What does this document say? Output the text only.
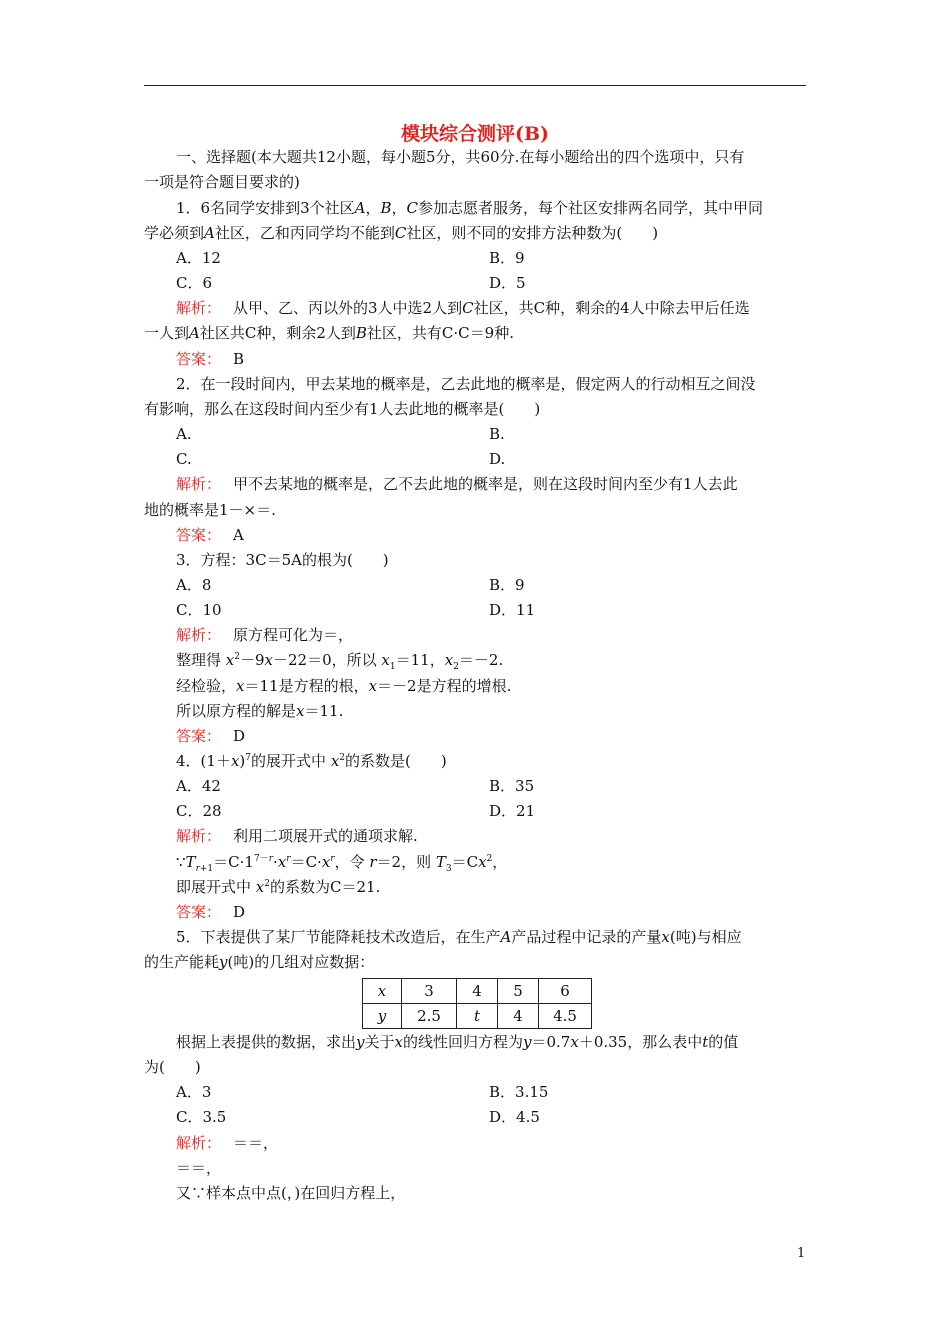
模块综合测评(B)
一、选择题(本大题共12小题，每小题5分，共60分.在每小题给出的四个选项中，只有
一项是符合题目要求的)
1．6名同学安排到3个社区A，B，C参加志愿者服务，每个社区安排两名同学，其中甲同
学必须到A社区，乙和丙同学均不能到C社区，则不同的安排方法种数为(　　)
A．12	B．9
C．6	D．5
解析： 从甲、乙、丙以外的3人中选2人到C社区，共C种，剩余的4人中除去甲后任选
一人到A社区共C种，剩余2人到B社区，共有C·C＝9种.
答案： B
2．在一段时间内，甲去某地的概率是，乙去此地的概率是，假定两人的行动相互之间没
有影响，那么在这段时间内至少有1人去此地的概率是(　　)
A.	B.
C.	D.
解析： 甲不去某地的概率是，乙不去此地的概率是，则在这段时间内至少有1人去此
地的概率是1－×＝.
答案： A
3．方程：3C＝5A的根为(　　)
A．8	B．9
C．10	D．11
解析： 原方程可化为＝，
整理得 $x^2-9x-22=0$，所以 $x_1=11$，$x_2=-2$.
经检验，x＝11是方程的根，x＝－2是方程的增根.
所以原方程的解是x＝11.
答案： D
4．$(1+x)^7$的展开式中 $x^2$的系数是(　　)
A．42	B．35
C．28	D．21
解析： 利用二项展开式的通项求解.
$\because T_{r+1}=C\cdot 1^{7-r}\cdot x^r=C\cdot x^r$，令 r＝2，则 $T_3=Cx^2$，
即展开式中 $x^2$的系数为C＝21.
答案： D
5．下表提供了某厂节能降耗技术改造后，在生产A产品过程中记录的产量x(吨)与相应
的生产能耗y(吨)的几组对应数据：
x	3	4	5	6
y	2.5	t	4	4.5
根据上表提供的数据，求出y关于x的线性回归方程为y＝0.7x＋0.35，那么表中t的值
为(　　)
A．3	B．3.15
C．3.5	D．4.5
解析： ＝＝，
＝＝，
又∵样本点中点(，)在回归方程上，
1
